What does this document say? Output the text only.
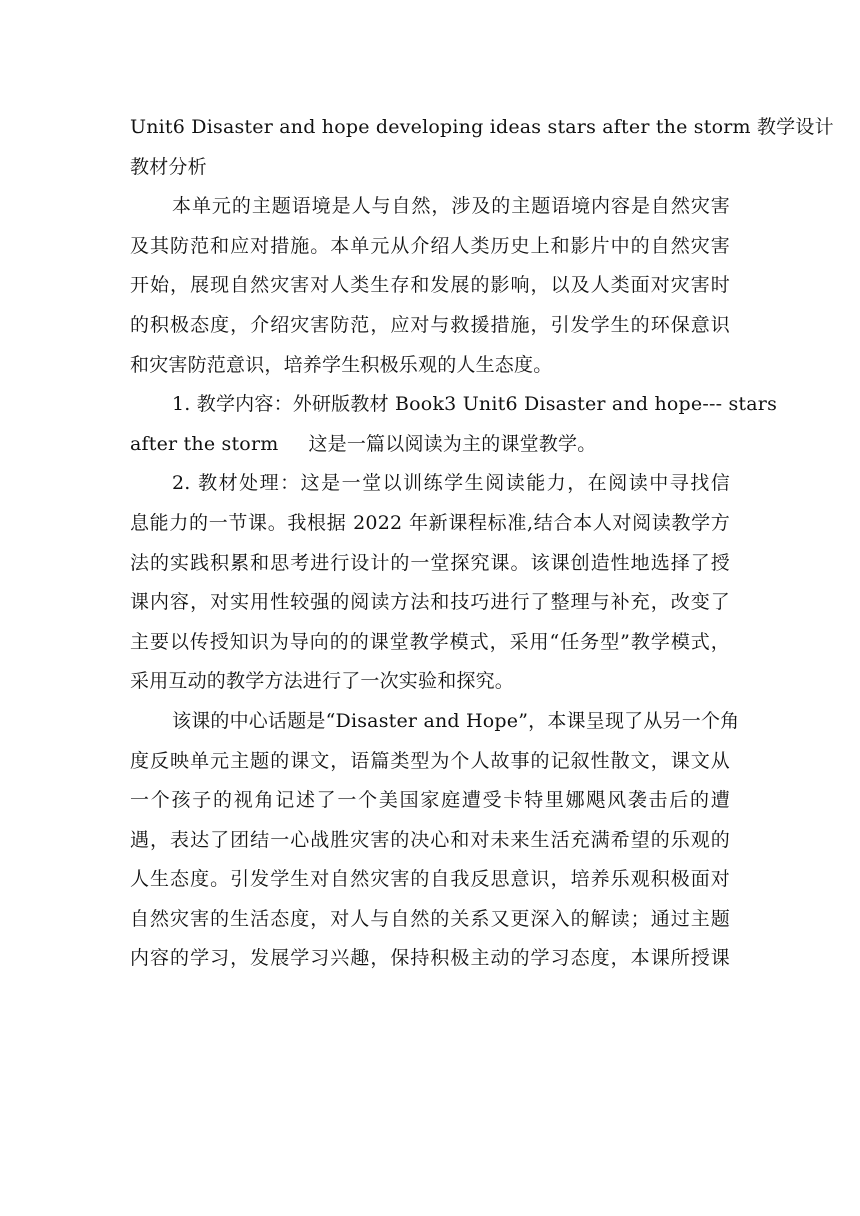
Unit6 Disaster and hope developing ideas stars after the storm 教学设计
教材分析
本单元的主题语境是人与自然，涉及的主题语境内容是自然灾害
及其防范和应对措施。本单元从介绍人类历史上和影片中的自然灾害
开始，展现自然灾害对人类生存和发展的影响，以及人类面对灾害时
的积极态度，介绍灾害防范，应对与救援措施，引发学生的环保意识
和灾害防范意识，培养学生积极乐观的人生态度。
1. 教学内容：外研版教材 Book3 Unit6 Disaster and hope--- stars
after the storm 这是一篇以阅读为主的课堂教学。
2. 教材处理：这是一堂以训练学生阅读能力，在阅读中寻找信
息能力的一节课。我根据 2022 年新课程标准,结合本人对阅读教学方
法的实践积累和思考进行设计的一堂探究课。该课创造性地选择了授
课内容，对实用性较强的阅读方法和技巧进行了整理与补充，改变了
主要以传授知识为导向的的课堂教学模式，采用“任务型”教学模式，
采用互动的教学方法进行了一次实验和探究。
该课的中心话题是“Disaster and Hope”，本课呈现了从另一个角
度反映单元主题的课文，语篇类型为个人故事的记叙性散文，课文从
一个孩子的视角记述了一个美国家庭遭受卡特里娜飓风袭击后的遭
遇，表达了团结一心战胜灾害的决心和对未来生活充满希望的乐观的
人生态度。引发学生对自然灾害的自我反思意识，培养乐观积极面对
自然灾害的生活态度，对人与自然的关系又更深入的解读；通过主题
内容的学习，发展学习兴趣，保持积极主动的学习态度，本课所授课
